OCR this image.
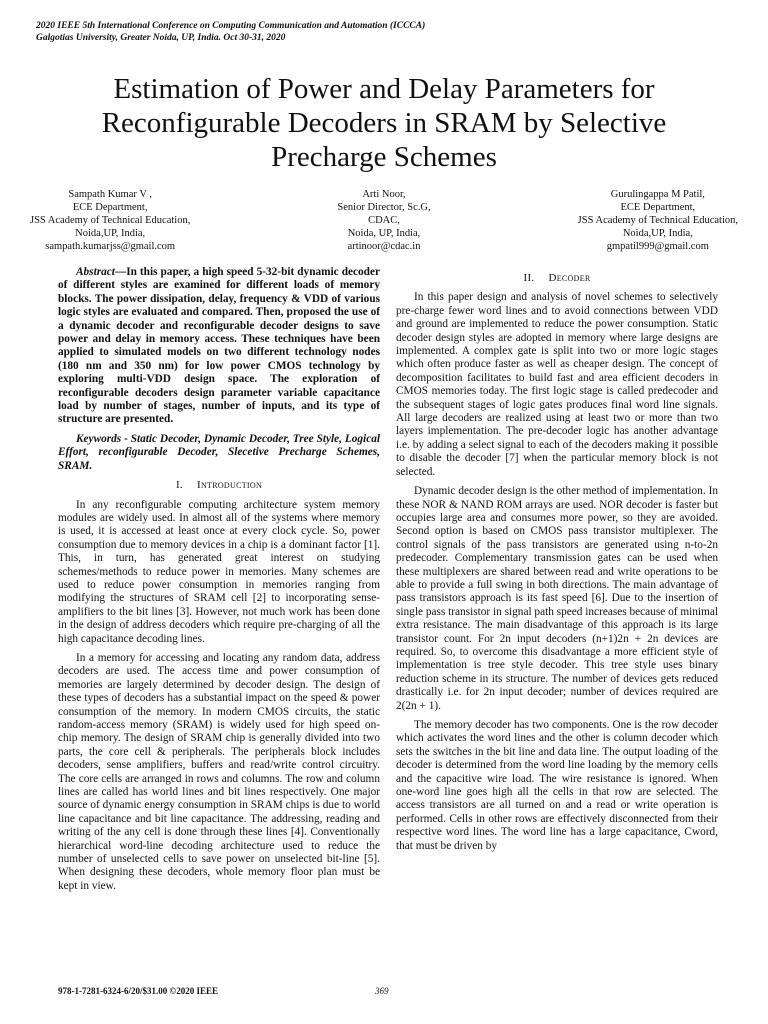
2020 IEEE 5th International Conference on Computing Communication and Automation (ICCCA)
Galgotias University, Greater Noida, UP, India. Oct 30-31, 2020
Estimation of Power and Delay Parameters for
Reconfigurable Decoders in SRAM by Selective
Precharge Schemes
Sampath Kumar V ,
ECE Department,
JSS Academy of Technical Education,
Noida,UP, India,
sampath.kumarjss@gmail.com
Arti Noor,
Senior Director, Sc.G,
CDAC,
Noida, UP, India,
artinoor@cdac.in
Gurulingappa M Patil,
ECE Department,
JSS Academy of Technical Education,
Noida,UP, India,
gmpatil999@gmail.com

Abstract—In this paper, a high speed 5-32-bit dynamic decoder of different styles are examined for different loads of memory blocks. The power dissipation, delay, frequency & VDD of various logic styles are evaluated and compared. Then, proposed the use of a dynamic decoder and reconfigurable decoder designs to save power and delay in memory access. These techniques have been applied to simulated models on two different technology nodes (180 nm and 350 nm) for low power CMOS technology by exploring multi-VDD design space. The exploration of reconfigurable decoders design parameter variable capacitance load by number of stages, number of inputs, and its type of structure are presented.

Keywords - Static Decoder, Dynamic Decoder, Tree Style, Logical Effort, reconfigurable Decoder, Slecetive Precharge Schemes, SRAM.

I. Introduction

In any reconfigurable computing architecture system memory modules are widely used. In almost all of the systems where memory is used, it is accessed at least once at every clock cycle. So, power consumption due to memory devices in a chip is a dominant factor [1]. This, in turn, has generated great interest on studying schemes/methods to reduce power in memories. Many schemes are used to reduce power consumption in memories ranging from modifying the structures of SRAM cell [2] to incorporating sense-amplifiers to the bit lines [3]. However, not much work has been done in the design of address decoders which require pre-charging of all the high capacitance decoding lines.

In a memory for accessing and locating any random data, address decoders are used. The access time and power consumption of memories are largely determined by decoder design. The design of these types of decoders has a substantial impact on the speed & power consumption of the memory. In modern CMOS circuits, the static random-access memory (SRAM) is widely used for high speed on-chip memory. The design of SRAM chip is generally divided into two parts, the core cell & peripherals. The peripherals block includes decoders, sense amplifiers, buffers and read/write control circuitry. The core cells are arranged in rows and columns. The row and column lines are called has world lines and bit lines respectively. One major source of dynamic energy consumption in SRAM chips is due to world line capacitance and bit line capacitance. The addressing, reading and writing of the any cell is done through these lines [4]. Conventionally hierarchical word-line decoding architecture used to reduce the number of unselected cells to save power on unselected bit-line [5]. When designing these decoders, whole memory floor plan must be kept in view.

II. Decoder

In this paper design and analysis of novel schemes to selectively pre-charge fewer word lines and to avoid connections between VDD and ground are implemented to reduce the power consumption. Static decoder design styles are adopted in memory where large designs are implemented. A complex gate is split into two or more logic stages which often produce faster as well as cheaper design. The concept of decomposition facilitates to build fast and area efficient decoders in CMOS memories today. The first logic stage is called predecoder and the subsequent stages of logic gates produces final word line signals. All large decoders are realized using at least two or more than two layers implementation. The pre-decoder logic has another advantage i.e. by adding a select signal to each of the decoders making it possible to disable the decoder [7] when the particular memory block is not selected.

Dynamic decoder design is the other method of implementation. In these NOR & NAND ROM arrays are used. NOR decoder is faster but occupies large area and consumes more power, so they are avoided. Second option is based on CMOS pass transistor multiplexer. The control signals of the pass transistors are generated using n-to-2n predecoder. Complementary transmission gates can be used when these multiplexers are shared between read and write operations to be able to provide a full swing in both directions. The main advantage of pass transistors approach is its fast speed [6]. Due to the insertion of single pass transistor in signal path speed increases because of minimal extra resistance. The main disadvantage of this approach is its large transistor count. For 2n input decoders (n+1)2n + 2n devices are required. So, to overcome this disadvantage a more efficient style of implementation is tree style decoder. This tree style uses binary reduction scheme in its structure. The number of devices gets reduced drastically i.e. for 2n input decoder; number of devices required are 2(2n + 1).

The memory decoder has two components. One is the row decoder which activates the word lines and the other is column decoder which sets the switches in the bit line and data line. The output loading of the decoder is determined from the word line loading by the memory cells and the capacitive wire load. The wire resistance is ignored. When one-word line goes high all the cells in that row are selected. The access transistors are all turned on and a read or write operation is performed. Cells in other rows are effectively disconnected from their respective word lines. The word line has a large capacitance, Cword, that must be driven by

978-1-7281-6324-6/20/$31.00 ©2020 IEEE	369
